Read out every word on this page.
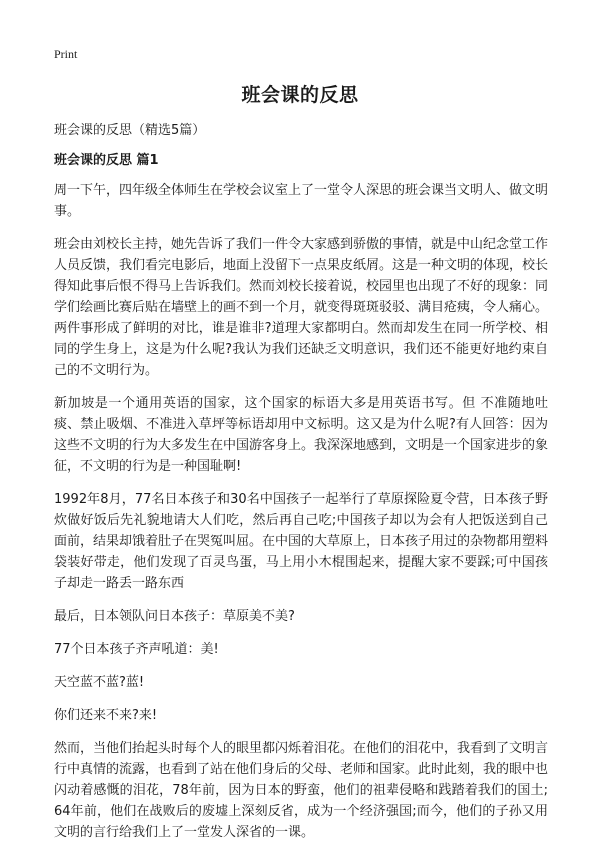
Print
班会课的反思
班会课的反思（精选5篇）
班会课的反思 篇1

周一下午，四年级全体师生在学校会议室上了一堂令人深思的班会课当文明人、做文明事。

班会由刘校长主持，她先告诉了我们一件令大家感到骄傲的事情，就是中山纪念堂工作人员反馈，我们看完电影后，地面上没留下一点果皮纸屑。这是一种文明的体现，校长得知此事后恨不得马上告诉我们。然而刘校长接着说，校园里也出现了不好的现象：同学们绘画比赛后贴在墙壁上的画不到一个月，就变得斑斑驳驳、满目疮痍，令人痛心。两件事形成了鲜明的对比，谁是谁非?道理大家都明白。然而却发生在同一所学校、相同的学生身上，这是为什么呢?我认为我们还缺乏文明意识，我们还不能更好地约束自己的不文明行为。

新加坡是一个通用英语的国家，这个国家的标语大多是用英语书写。但 不准随地吐痰、禁止吸烟、不准进入草坪等标语却用中文标明。这又是为什么呢?有人回答：因为这些不文明的行为大多发生在中国游客身上。我深深地感到，文明是一个国家进步的象征，不文明的行为是一种国耻啊!

1992年8月，77名日本孩子和30名中国孩子一起举行了草原探险夏令营，日本孩子野炊做好饭后先礼貌地请大人们吃，然后再自己吃;中国孩子却以为会有人把饭送到自己面前，结果却饿着肚子在哭冤叫屈。在中国的大草原上，日本孩子用过的杂物都用塑料袋装好带走，他们发现了百灵鸟蛋，马上用小木棍围起来，提醒大家不要踩;可中国孩子却走一路丢一路东西

最后，日本领队问日本孩子：草原美不美?

77个日本孩子齐声吼道：美!

天空蓝不蓝?蓝!

你们还来不来?来!

然而，当他们抬起头时每个人的眼里都闪烁着泪花。在他们的泪花中，我看到了文明言行中真情的流露，也看到了站在他们身后的父母、老师和国家。此时此刻，我的眼中也闪动着感慨的泪花，78年前，因为日本的野蛮，他们的祖辈侵略和践踏着我们的国土;64年前，他们在战败后的废墟上深刻反省，成为一个经济强国;而今，他们的子孙又用文明的言行给我们上了一堂发人深省的一课。
